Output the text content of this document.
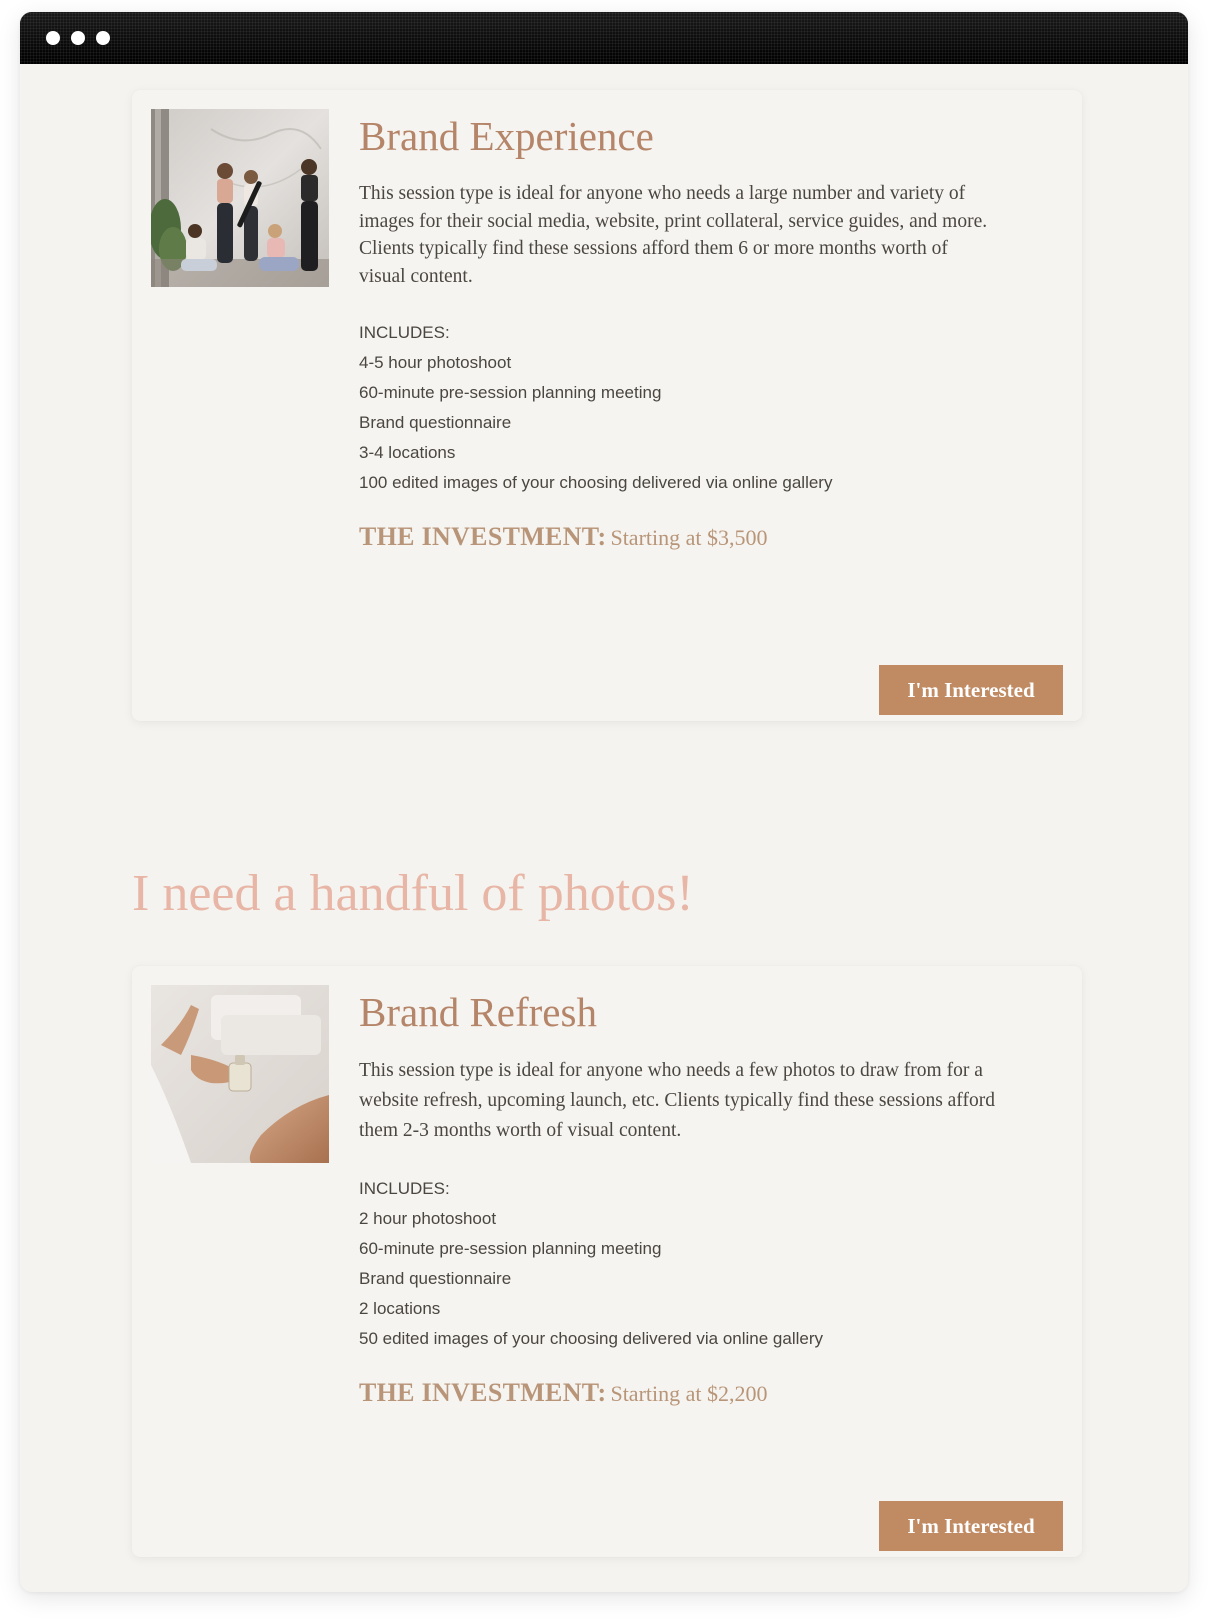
Brand Experience

This session type is ideal for anyone who needs a large number and variety of images for their social media, website, print collateral, service guides, and more. Clients typically find these sessions afford them 6 or more months worth of visual content.

INCLUDES:
4-5 hour photoshoot
60-minute pre-session planning meeting
Brand questionnaire
3-4 locations
100 edited images of your choosing delivered via online gallery
THE INVESTMENT: Starting at $3,500
I'm Interested
I need a handful of photos!
Brand Refresh

This session type is ideal for anyone who needs a few photos to draw from for a website refresh, upcoming launch, etc. Clients typically find these sessions afford them 2-3 months worth of visual content.

INCLUDES:
2 hour photoshoot
60-minute pre-session planning meeting
Brand questionnaire
2 locations
50 edited images of your choosing delivered via online gallery
THE INVESTMENT: Starting at $2,200
I'm Interested
